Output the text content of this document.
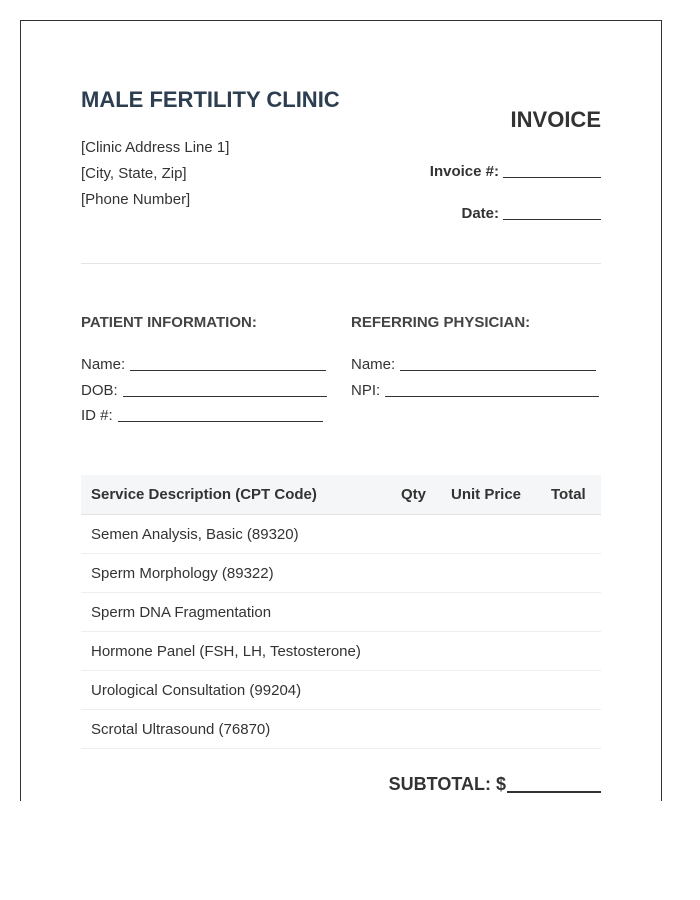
MALE FERTILITY CLINIC
[Clinic Address Line 1]
[City, State, Zip]
[Phone Number]
INVOICE
Invoice #:
Date:
PATIENT INFORMATION:	REFERRING PHYSICIAN:
Name:
DOB:
ID #:
Name:
NPI:
Service Description (CPT Code)	Qty	Unit Price	Total
Semen Analysis, Basic (89320)			
Sperm Morphology (89322)			
Sperm DNA Fragmentation			
Hormone Panel (FSH, LH, Testosterone)			
Urological Consultation (99204)			
Scrotal Ultrasound (76870)			
SUBTOTAL: $
